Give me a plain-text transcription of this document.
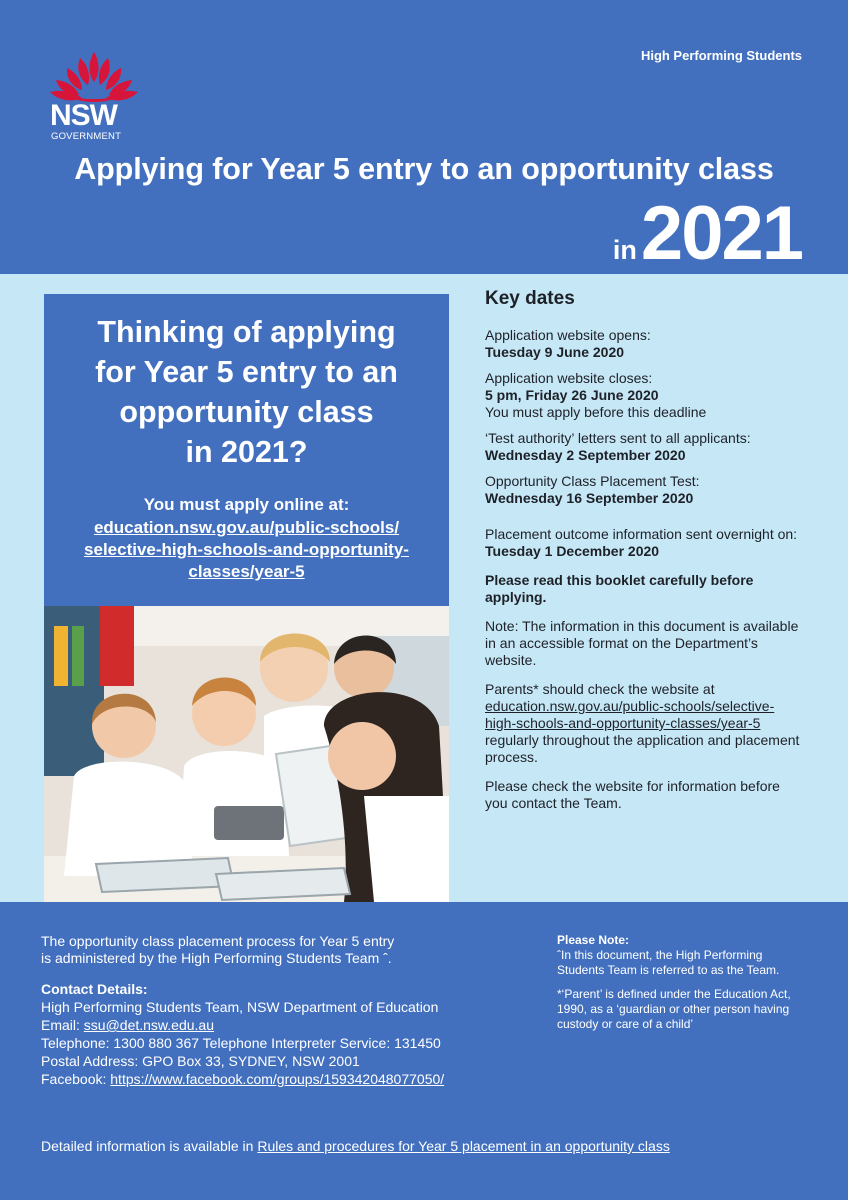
NSW
GOVERNMENT
High Performing Students
Applying for Year 5 entry to an opportunity class
in2021
Thinking of applying
for Year 5 entry to an
opportunity class
in 2021?
You must apply online at:
education.nsw.gov.au/public-schools/
selective-high-schools-and-opportunity-
classes/year-5
Key dates
Application website opens:
Tuesday 9 June 2020
Application website closes:
5 pm, Friday 26 June 2020
You must apply before this deadline
‘Test authority’ letters sent to all applicants:
Wednesday 2 September 2020
Opportunity Class Placement Test:
Wednesday 16 September 2020
Placement outcome information sent overnight on:
Tuesday 1 December 2020
Please read this booklet carefully before
applying.
Note: The information in this document is available
in an accessible format on the Department’s
website.
Parents* should check the website at
education.nsw.gov.au/public-schools/selective-
high-schools-and-opportunity-classes/year-5
regularly throughout the application and placement
process.
Please check the website for information before
you contact the Team.
The opportunity class placement process for Year 5 entry
is administered by the High Performing Students Team ˆ.
Contact Details:
High Performing Students Team, NSW Department of Education
Email: ssu@det.nsw.edu.au
Telephone: 1300 880 367 Telephone Interpreter Service: 131450
Postal Address: GPO Box 33, SYDNEY, NSW 2001
Facebook: https://www.facebook.com/groups/159342048077050/
Please Note:
ˆIn this document, the High Performing
Students Team is referred to as the Team.
*‘Parent’ is defined under the Education Act,
1990, as a ‘guardian or other person having
custody or care of a child’
Detailed information is available in Rules and procedures for Year 5 placement in an opportunity class
